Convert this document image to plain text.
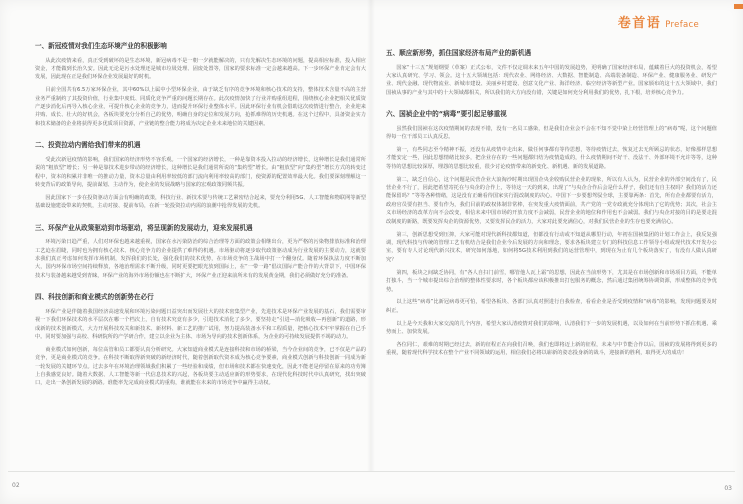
卷首语 Preface
一、新冠疫情对我们生态环境产业的积极影响
从此次疫情来看，真正受到破坏的是生态环境，新冠病毒不是一朝一夕就能解决的，只有先解决生态环境的问题，提高相应标准，投入相应资金，才能做到长治久安。因此无论是污水处理还是城市垃圾处理、固废处置等，国家的要求标准一定会越来越高。下一步环保产业肯定会有大发展，因此现在正是我们环保企业发展最好的时机。
目前全国共有6.5万家环保企业，其中60%以上属中小型环保企业，由于缺乏有序的竞争环境和核心技术的支持，整体技术含量不高的主营业务严重制约了其投资价值，行业集中度低、同质化竞争严重的问题长期存在。此次疫情加快了行业并购重组进程，围绕核心企业把相关优质资产逐步消化后再导入核心企业，可提升核心企业的竞争力，进而提升环保行业整体水平。因此环保行业有机会借助这次疫情进行整合，企业迎来并购、成长、壮大的好机会，各板块要充分分析自己的优势，明确自身的定位和发展方向，抢抓难得的历史机遇。在这个过程中，具备资金实力和技术储备的企业将获得更多优质项目资源，产业链的整合能力将成为决定企业未来地位的关键因素。
二、投资拉动内需给我们带来的机遇
受此次新冠疫情的影响，我们国家的经济形势不容乐观。一个国家的经济增长，一种是靠资本投入拉动的经济增长，这种增长是我们通常所说的“粗放型”增长；另一种是靠技术进步带动的经济增长，这种增长是我们通常所说的“集约型”增长。由“粗放型”向“集约型”增长方式的转变过程中，资本的积累并非唯一的推动力量，资本总量由利用率较低的部门流向利用率较高的部门，使资源的配置效率最大化。我们要深刻理解这一转变背后的政策导向，提前谋划、主动作为，使企业的发展战略与国家的宏观政策同频共振。
因此国家下一步在投资驱动方面会有明确的政策，科技行业、新技术要与传统工艺紧密结合起来，要充分利用5G、人工智能和物联网等新型基础设施建设带来的契机，主动对接、提前布局，在新一轮投资拉动内需的浪潮中抢得发展的先机。
三、环保产业从政策驱动到市场驱动，将呈现新的发展动力，迎来发展机遇
环境污染日趋严重，人们对环保也越来越重视，国家在水污染防治的综合治理等方面的政策会相继出台，更为严格的污染物排放标准和治理工艺迫在眉睫，同时也为拥有核心技术、核心竞争力的企业提供了难得的机遇。市场驱动将逐步取代政策驱动成为行业发展的主要动力，这就要求我们真正考虑如何发挥市场机制，发挥我们的长处，强化我们的技术优势，在市场竞争的主战场中打一个翻身仗。随着环保执法力度不断加大，国内环保市场空间持续释放，各地治理需求不断升级，同时更要把眼光放到国际上，在“一带一路”倡议国际产能合作的大背景下，中国环保技术与装备越来越受到青睐，环保产业的海外市场份额也在不断扩大，环保产业正迎来前所未有的发展黄金期，我们必须做好充分的准备。
四、科技创新和商业模式的创新势在必行
环保产业是伴随着我国经济高速发展和环境污染问题日益突出而发展壮大的技术密集型产业，先进技术是环保产业发展的基石，我们需要审视一下我们环保技术的水平层次在哪一个档次上，自有技术究竟有多少，引进技术消化了多少，要坚持走“引进—消化吸收—再创新”的道路，形成新的技术创新模式，大力开展科技攻关和新技术、新材料、新工艺的推广试用，努力提高装备水平和工程质量，把核心技术牢牢掌握在自己手中。同时要加强与高校、科研院所的产学研合作，建立以企业为主体、市场为导向的技术创新体系，为企业的可持续发展提供不竭的动力。
商业模式如何创新，每位高管和员工都要认真分析研究。大家知道商业模式是连接科技和市场的桥梁，当今企业间的竞争，已不仅是产品的竞争，更是商业模式的竞争。在科技不断取得新突破的新经济时代，随着创新取代资本成为核心竞争要素，商业模式创新与科技创新一同成为新一轮发展的关键环节点。过去多年在环境治理领域我们积累了一些经验和成绩，但市场和技术都在快速变化，因此不能老是停留在原来的功劳簿上自我感觉良好。随着大数据、人工智能等新一代信息技术的兴起，各板块要主动适应新的形势要求，在现代化科技时代中认真研究，找出突破口，走出一条创新发展的新路。谁能率先完成商业模式的重构，谁就能在未来的市场竞争中赢得主动权。
五、顺应新形势，抓住国家经济布局产业的新机遇
国家“十三五”规划纲要（草案）正式公布，文件不仅定调未来五年中国的发展趋势，更明确了国家经济布局，蕴藏着巨大的投资机会，希望大家认真研究、学习、领会。这十五大领域包括：现代农业、网络经济、大数据、智能制造、高端装备制造、环保产业、健康服务业、研发产业、现代金融、现代物流业、新城市建设、美丽乡村建设、创意文化产业、海洋经济、临空经济等新型产业。国家颁布的这十五大领域中，我们国祯从事的产业与其中的十大领域都相关，所以我们的大方向没有错，关键是如何充分利用我们的优势，扎下根，培养核心竞争力。
六、国祯企业中的“病毒”要引起足够重视
虽然我们国祯在这次疫情期间的表现不错，没有一名员工感染，但是我们企业会不会在不知不觉中染上经营管理上的“病毒”呢，这个问题值得每一位干部员工认真反思。
第一，有些同志至今精神不振，还没有从疫情中走出来，做任何事都有等待思想，等待疫情过去，恢复过去无所顾忌的状态，好像那样思想才能安定一些，因此思想情绪比较多，把企业存在的一些问题都归结为疫情造成的，什么疫情期间不好干、没法干、外部环境不允许等等，这种等待的思想比较深厚，埋怨的思想比较重，很少讨论疫情带来的新变化、新机遇、新的发展道路。
第二，缺乏自信心，这个问题是民营企业大浪淘沙时期出现国企央企收购民营企业的现象，所以有人认为，民营企业的外部空间没有了，民营企业不行了，因此把希望寄托在与央企的合作上，等待这一天的到来，出现了“与央企合作后会是什么样子，我们还有自主权吗？我们的活力还能保留吗？”等等各种情绪，这是没有正确看待国家实行混改制度的决心。中国下一步要想驾驭全球，主要靠两条：首先，所有企业都要有活力，政府官员要有担当、要有作为，我们目前的政权体制非常棒，在突发重大疫情面前，共产党的一党专政就充分体现出了它的优势；其次，社会主义市场经济的改革方向不会改变，相信未来中国市场的开放力度不会减弱，民营企业的地位和作用也不会减弱。我们与央企对接的目的是要走混改制度的新路，既要发挥央企的资源优势，又要发挥民企的活力，大家对此要充满信心，对我们民营企业的生存也要充满信心。
第三，创新思想受到压抑，大家可能对现代新科技都知道，但都没有行动或不知道从哪里行动，年初在国祯集团的计划工作会上，我反复强调，现代科技与传统的管理工艺有机结合是我们企业今后发展的方向和理念，要求各板块建立专门的科技信息工作领导小组或现代技术开发办公室，要有专人讨论现代新兴技术，研究如何落地，如何将5G技术利用到我们的运营管理中，到现在为止有几个板块落实了，有没有人做认真研究？
第四，板块之间缺乏协同，有“各人自扫门前雪，哪管他人瓦上霜”的思想，因此在当前形势下，尤其是在市场创新和市场项目方面，不能单打独斗，当一个城市提出综合治理的整体性要求时，各个板块都应该积极推出打包服务的概念，然后通过集团统筹协调资源，形成整体的竞争优势。
以上这些“病毒”比新冠病毒更可怕，希望各板块、各部门认真对照进行自我检查，看看企业是否受到疫情和“病毒”的影响，发现问题要及时纠正。
以上是今天我和大家交流的几个内容，希望大家认清疫情对我们的影响，认清我们下一步的发展机遇，以及如何在当前形势下抓住机遇、乘势而上、加快发展。
各位同仁，艰难的时期已经过去，新的征程正在向我们召唤，我们也即将迈上新的征程，未来与中节能合作以后，国祯的发展将得到更多的重视，随着现代科学技术在整个产业不同领域的运用，相信我们必将以崭新的姿态投身新的战斗，迎接新的胜利，取得更大的成功！
02	03
